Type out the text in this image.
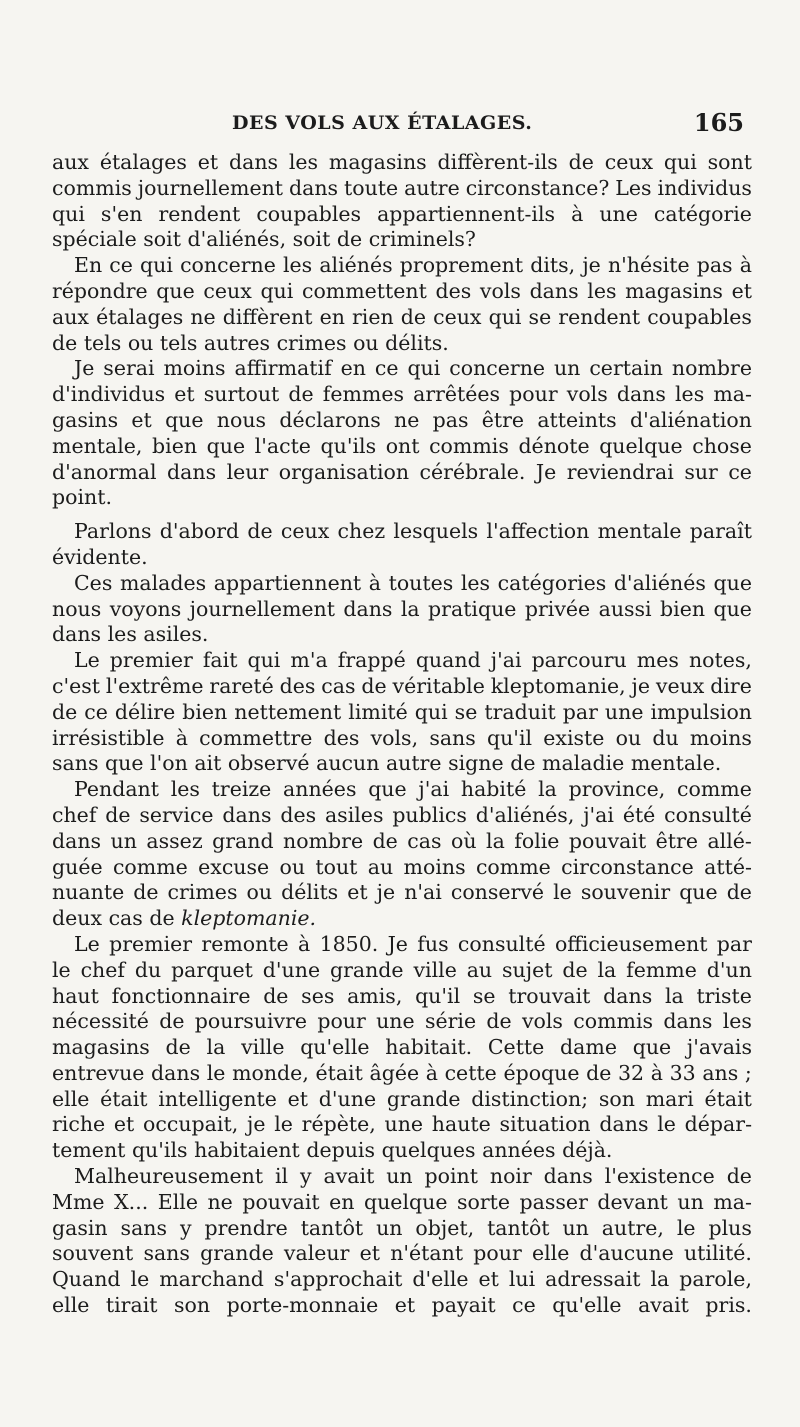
DES VOLS AUX ÉTALAGES.	165
aux étalages et dans les magasins diffèrent-ils de ceux qui sont
commis journellement dans toute autre circonstance? Les individus
qui s'en rendent coupables appartiennent-ils à une catégorie
spéciale soit d'aliénés, soit de criminels?
En ce qui concerne les aliénés proprement dits, je n'hésite pas à
répondre que ceux qui commettent des vols dans les magasins et
aux étalages ne diffèrent en rien de ceux qui se rendent coupables
de tels ou tels autres crimes ou délits.
Je serai moins affirmatif en ce qui concerne un certain nombre
d'individus et surtout de femmes arrêtées pour vols dans les ma-
gasins et que nous déclarons ne pas être atteints d'aliénation
mentale, bien que l'acte qu'ils ont commis dénote quelque chose
d'anormal dans leur organisation cérébrale. Je reviendrai sur ce
point.
Parlons d'abord de ceux chez lesquels l'affection mentale paraît
évidente.
Ces malades appartiennent à toutes les catégories d'aliénés que
nous voyons journellement dans la pratique privée aussi bien que
dans les asiles.
Le premier fait qui m'a frappé quand j'ai parcouru mes notes,
c'est l'extrême rareté des cas de véritable kleptomanie, je veux dire
de ce délire bien nettement limité qui se traduit par une impulsion
irrésistible à commettre des vols, sans qu'il existe ou du moins
sans que l'on ait observé aucun autre signe de maladie mentale.
Pendant les treize années que j'ai habité la province, comme
chef de service dans des asiles publics d'aliénés, j'ai été consulté
dans un assez grand nombre de cas où la folie pouvait être allé-
guée comme excuse ou tout au moins comme circonstance atté-
nuante de crimes ou délits et je n'ai conservé le souvenir que de
deux cas de kleptomanie.
Le premier remonte à 1850. Je fus consulté officieusement par
le chef du parquet d'une grande ville au sujet de la femme d'un
haut fonctionnaire de ses amis, qu'il se trouvait dans la triste
nécessité de poursuivre pour une série de vols commis dans les
magasins de la ville qu'elle habitait. Cette dame que j'avais
entrevue dans le monde, était âgée à cette époque de 32 à 33 ans ;
elle était intelligente et d'une grande distinction; son mari était
riche et occupait, je le répète, une haute situation dans le dépar-
tement qu'ils habitaient depuis quelques années déjà.
Malheureusement il y avait un point noir dans l'existence de
Mme X... Elle ne pouvait en quelque sorte passer devant un ma-
gasin sans y prendre tantôt un objet, tantôt un autre, le plus
souvent sans grande valeur et n'étant pour elle d'aucune utilité.
Quand le marchand s'approchait d'elle et lui adressait la parole,
elle tirait son porte-monnaie et payait ce qu'elle avait pris.
